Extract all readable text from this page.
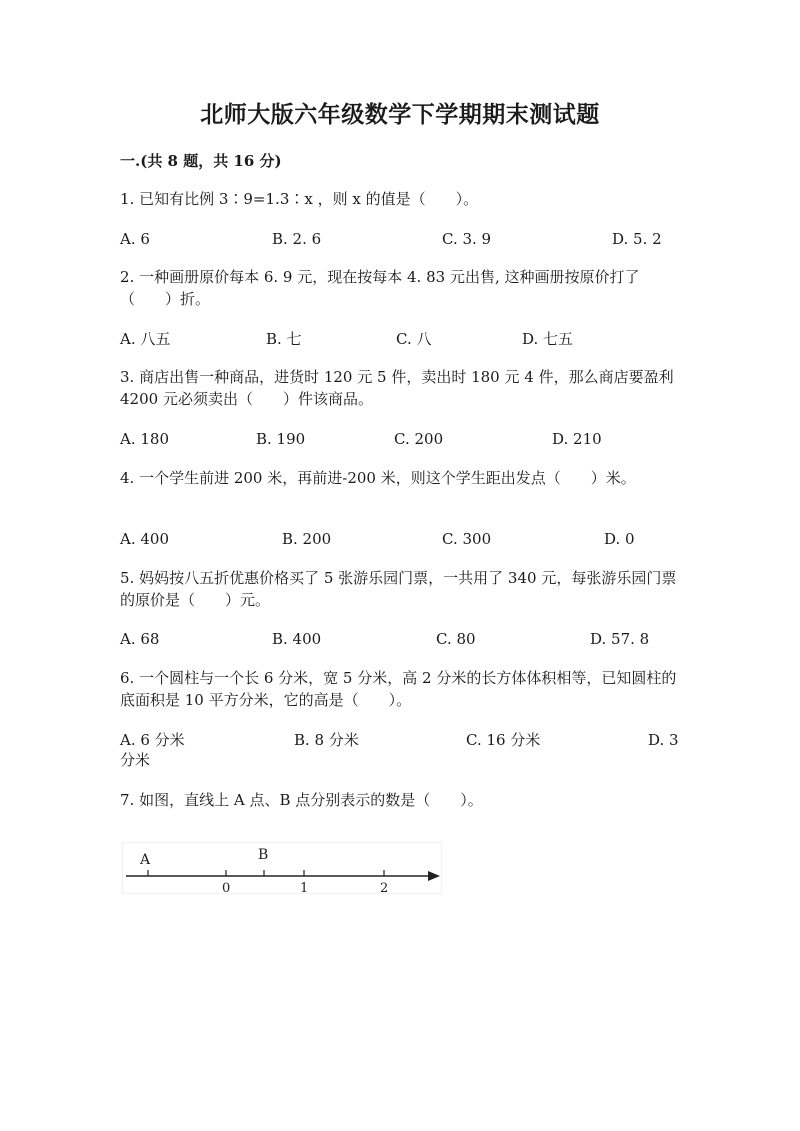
北师大版六年级数学下学期期末测试题
一.(共 8 题，共 16 分)
1. 已知有比例 3∶9=1.3∶x ，则 x 的值是（　　）。
A. 6	B. 2. 6	C. 3. 9	D. 5. 2
2. 一种画册原价每本 6. 9 元，现在按每本 4. 83 元出售, 这种画册按原价打了（　　）折。
A. 八五	B. 七	C. 八	D. 七五
3. 商店出售一种商品，进货时 120 元 5 件，卖出时 180 元 4 件，那么商店要盈利 4200 元必须卖出（　　）件该商品。
A. 180	B. 190	C. 200	D. 210
4. 一个学生前进 200 米，再前进-200 米，则这个学生距出发点（　　）米。
A. 400	B. 200	C. 300	D. 0
5. 妈妈按八五折优惠价格买了 5 张游乐园门票，一共用了 340 元，每张游乐园门票的原价是（　　）元。
A. 68	B. 400	C. 80	D. 57. 8
6. 一个圆柱与一个长 6 分米，宽 5 分米，高 2 分米的长方体体积相等，已知圆柱的底面积是 10 平方分米，它的高是（　　）。
A. 6 分米	B. 8 分米	C. 16 分米	D. 3
分米
7. 如图，直线上 A 点、B 点分别表示的数是（　　）。
A	B
0	1	2
